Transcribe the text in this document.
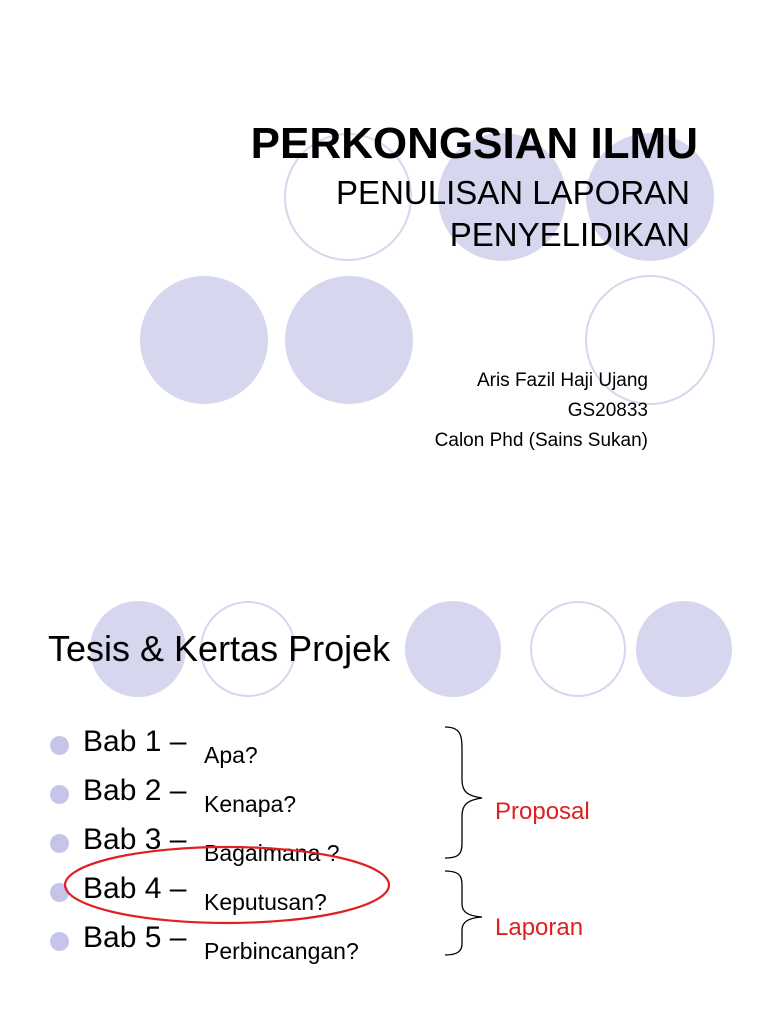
PERKONGSIAN ILMU
PENULISAN LAPORAN
PENYELIDIKAN
Aris Fazil Haji Ujang
GS20833
Calon Phd (Sains Sukan)
Tesis & Kertas Projek
Bab 1 – Apa?
Bab 2 – Kenapa?
Bab 3 – Bagaimana ?
Bab 4 – Keputusan?
Bab 5 – Perbincangan?
Proposal
Laporan
